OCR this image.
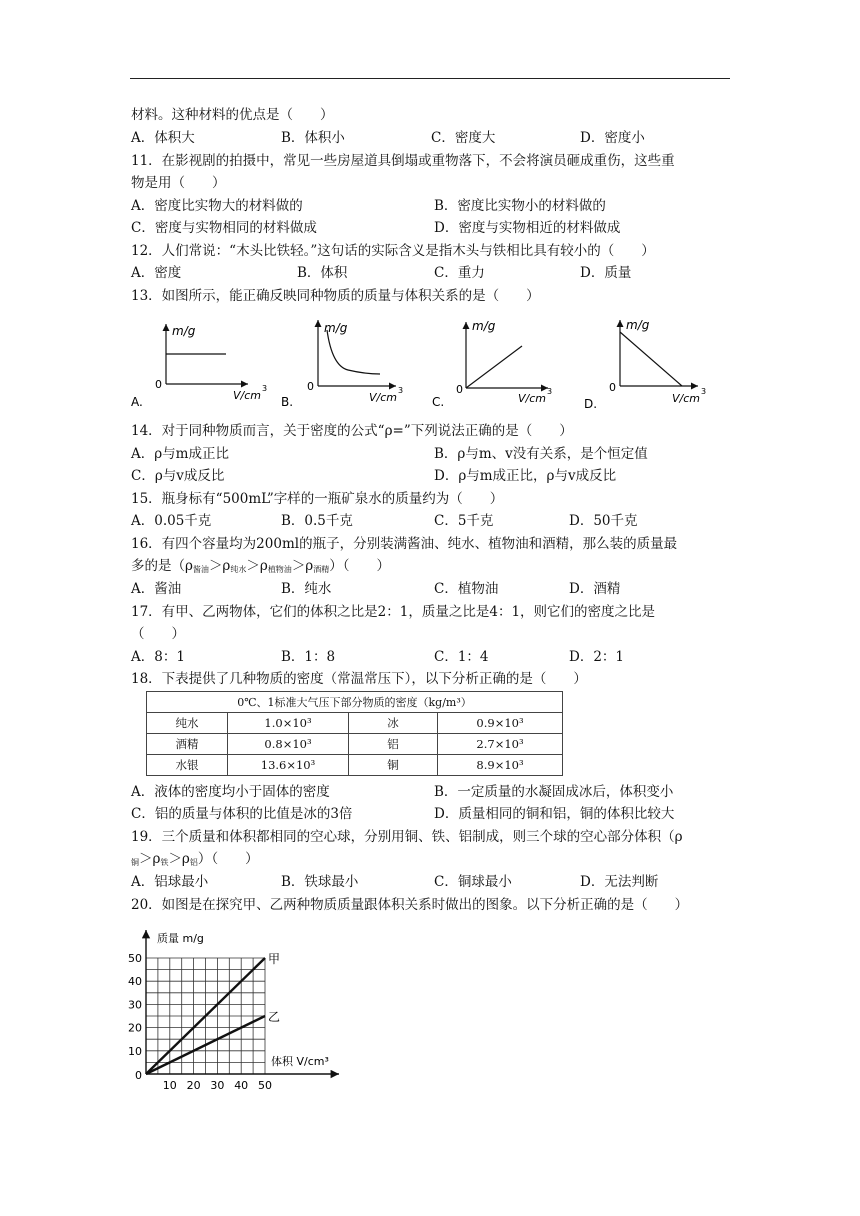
材料。这种材料的优点是（　　）
A．体积大	B．体积小	C．密度大	D．密度小
11．在影视剧的拍摄中，常见一些房屋道具倒塌或重物落下，不会将演员砸成重伤，这些重
物是用（　　）
A．密度比实物大的材料做的	B．密度比实物小的材料做的
C．密度与实物相同的材料做成	D．密度与实物相近的材料做成
12．人们常说：“木头比铁轻。”这句话的实际含义是指木头与铁相比具有较小的（　　）
A．密度	B．体积	C．重力	D．质量
13．如图所示，能正确反映同种物质的质量与体积关系的是（　　）
m/g
0
V/cm
3
A.
m/g
0
V/cm
3
B.
m/g
0
V/cm
3
C.
m/g
0
V/cm
3
D.
14．对于同种物质而言，关于密度的公式“ρ=”下列说法正确的是（　　）
A．ρ与m成正比	B．ρ与m、v没有关系，是个恒定值
C．ρ与v成反比	D．ρ与m成正比，ρ与v成反比
15．瓶身标有“500mL”字样的一瓶矿泉水的质量约为（　　）
A．0.05千克	B．0.5千克	C．5千克	D．50千克
16．有四个容量均为200ml的瓶子，分别装满酱油、纯水、植物油和酒精，那么装的质量最
多的是$(\rho_{酱油}>\rho_{纯水}>\rho_{植物油}>\rho_{酒精})$（　　）
A．酱油	B．纯水	C．植物油	D．酒精
17．有甲、乙两物体，它们的体积之比是2：1，质量之比是4：1，则它们的密度之比是
（　　）
A．8：1	B．1：8	C．1：4	D．2：1
18．下表提供了几种物质的密度（常温常压下），以下分析正确的是（　　）
0℃、1标准大气压下部分物质的密度（kg/m³）			
纯水	1.0×10³	冰	0.9×10³
酒精	0.8×10³	铝	2.7×10³
水银	13.6×10³	铜	8.9×10³
A．液体的密度均小于固体的密度	B．一定质量的水凝固成冰后，体积变小
C．铝的质量与体积的比值是冰的3倍	D．质量相同的铜和铝，铜的体积比较大
19．三个质量和体积都相同的空心球，分别用铜、铁、铝制成，则三个球的空心部分体积（ρ
$_铜>\rho_铁>\rho_铝$）（　　）
A．铝球最小	B．铁球最小	C．铜球最小	D．无法判断
20．如图是在探究甲、乙两种物质质量跟体积关系时做出的图象。以下分析正确的是（　　）
10 20 30 40 50
10
20
30
40
50
0
质量 m/g
体积 V/cm³
甲
乙
